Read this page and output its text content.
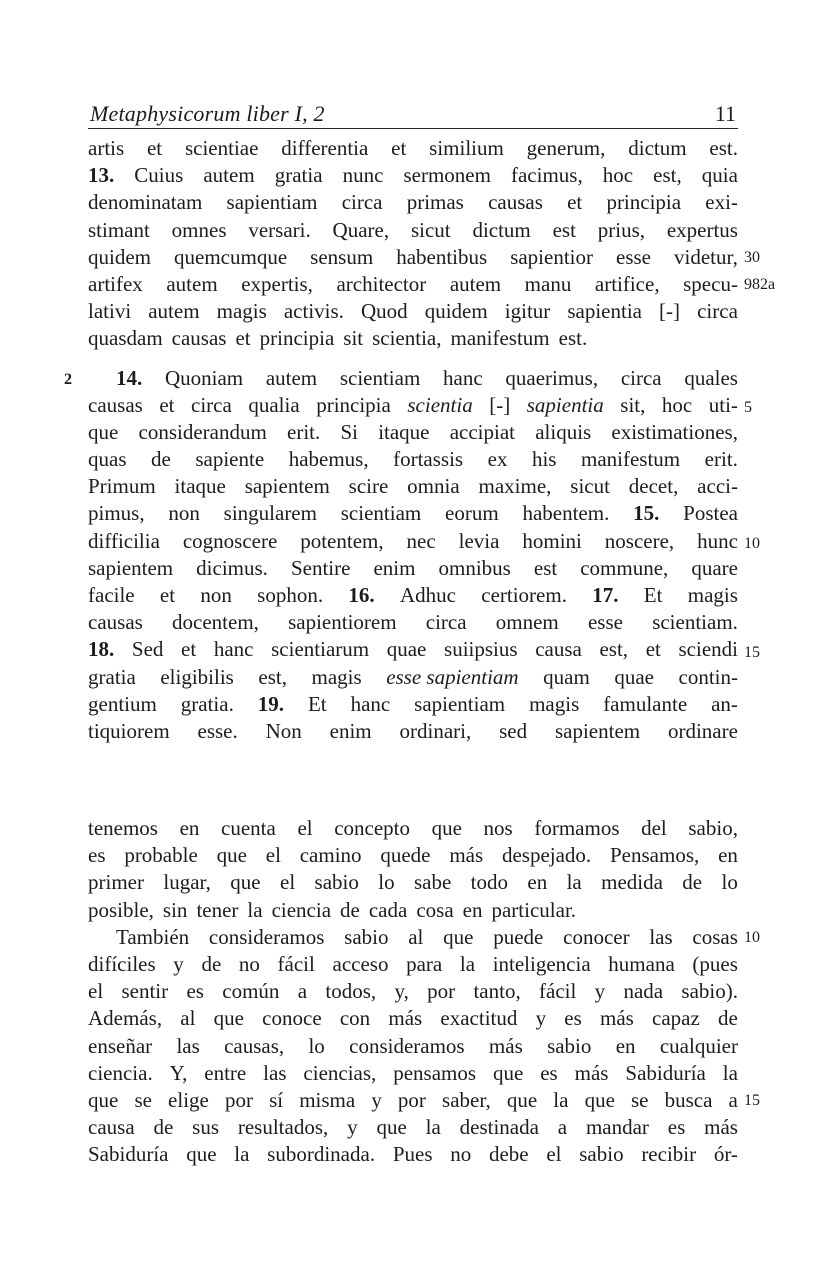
Metaphysicorum liber I, 2	11
artis et scientiae differentia et similium generum, dictum est.
13. Cuius autem gratia nunc sermonem facimus, hoc est, quia
denominatam sapientiam circa primas causas et principia exi-
stimant omnes versari. Quare, sicut dictum est prius, expertus
quidem quemcumque sensum habentibus sapientior esse videtur,
artifex autem expertis, architector autem manu artifice, specu-
lativi autem magis activis. Quod quidem igitur sapientia [-] circa
quasdam causas et principia sit scientia, manifestum est.
14. Quoniam autem scientiam hanc quaerimus, circa quales
causas et circa qualia principia scientia [-] sapientia sit, hoc uti-
que considerandum erit. Si itaque accipiat aliquis existimationes,
quas de sapiente habemus, fortassis ex his manifestum erit.
Primum itaque sapientem scire omnia maxime, sicut decet, acci-
pimus, non singularem scientiam eorum habentem. 15. Postea
difficilia cognoscere potentem, nec levia homini noscere, hunc
sapientem dicimus. Sentire enim omnibus est commune, quare
facile et non sophon. 16. Adhuc certiorem. 17. Et magis
causas docentem, sapientiorem circa omnem esse scientiam.
18. Sed et hanc scientiarum quae suiipsius causa est, et sciendi
gratia eligibilis est, magis esse sapientiam quam quae contin-
gentium gratia. 19. Et hanc sapientiam magis famulante an-
tiquiorem esse. Non enim ordinari, sed sapientem ordinare
tenemos en cuenta el concepto que nos formamos del sabio,
es probable que el camino quede más despejado. Pensamos, en
primer lugar, que el sabio lo sabe todo en la medida de lo
posible, sin tener la ciencia de cada cosa en particular.
También consideramos sabio al que puede conocer las cosas
difíciles y de no fácil acceso para la inteligencia humana (pues
el sentir es común a todos, y, por tanto, fácil y nada sabio).
Además, al que conoce con más exactitud y es más capaz de
enseñar las causas, lo consideramos más sabio en cualquier
ciencia. Y, entre las ciencias, pensamos que es más Sabiduría la
que se elige por sí misma y por saber, que la que se busca a
causa de sus resultados, y que la destinada a mandar es más
Sabiduría que la subordinada. Pues no debe el sabio recibir ór-
2
30
982a
5
10
15
10
15
